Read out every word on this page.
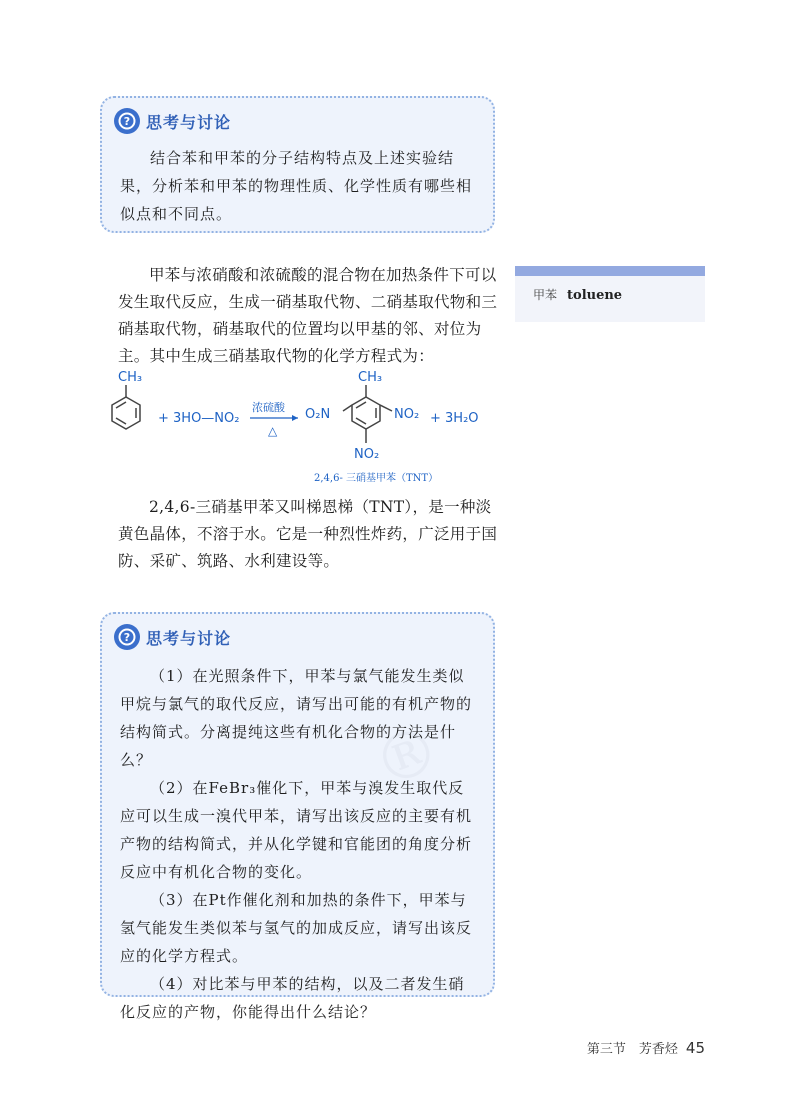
? 思考与讨论

结合苯和甲苯的分子结构特点及上述实验结果，分析苯和甲苯的物理性质、化学性质有哪些相似点和不同点。

甲苯与浓硝酸和浓硫酸的混合物在加热条件下可以发生取代反应，生成一硝基取代物、二硝基取代物和三硝基取代物，硝基取代的位置均以甲基的邻、对位为主。其中生成三硝基取代物的化学方程式为：

甲苯 toluene
CH₃
+ 3HO—NO₂
浓硫酸
△
CH₃
O₂N	NO₂
NO₂
+ 3H₂O
2,4,6- 三硝基甲苯（TNT）

2,4,6-三硝基甲苯又叫梯恩梯（TNT），是一种淡黄色晶体，不溶于水。它是一种烈性炸药，广泛用于国防、采矿、筑路、水利建设等。

? 思考与讨论

（1）在光照条件下，甲苯与氯气能发生类似甲烷与氯气的取代反应，请写出可能的有机产物的结构简式。分离提纯这些有机化合物的方法是什么？

（2）在FeBr₃催化下，甲苯与溴发生取代反应可以生成一溴代甲苯，请写出该反应的主要有机产物的结构简式，并从化学键和官能团的角度分析反应中有机化合物的变化。

（3）在Pt作催化剂和加热的条件下，甲苯与氢气能发生类似苯与氢气的加成反应，请写出该反应的化学方程式。

（4）对比苯与甲苯的结构，以及二者发生硝化反应的产物，你能得出什么结论？

®
第三节　芳香烃 45
